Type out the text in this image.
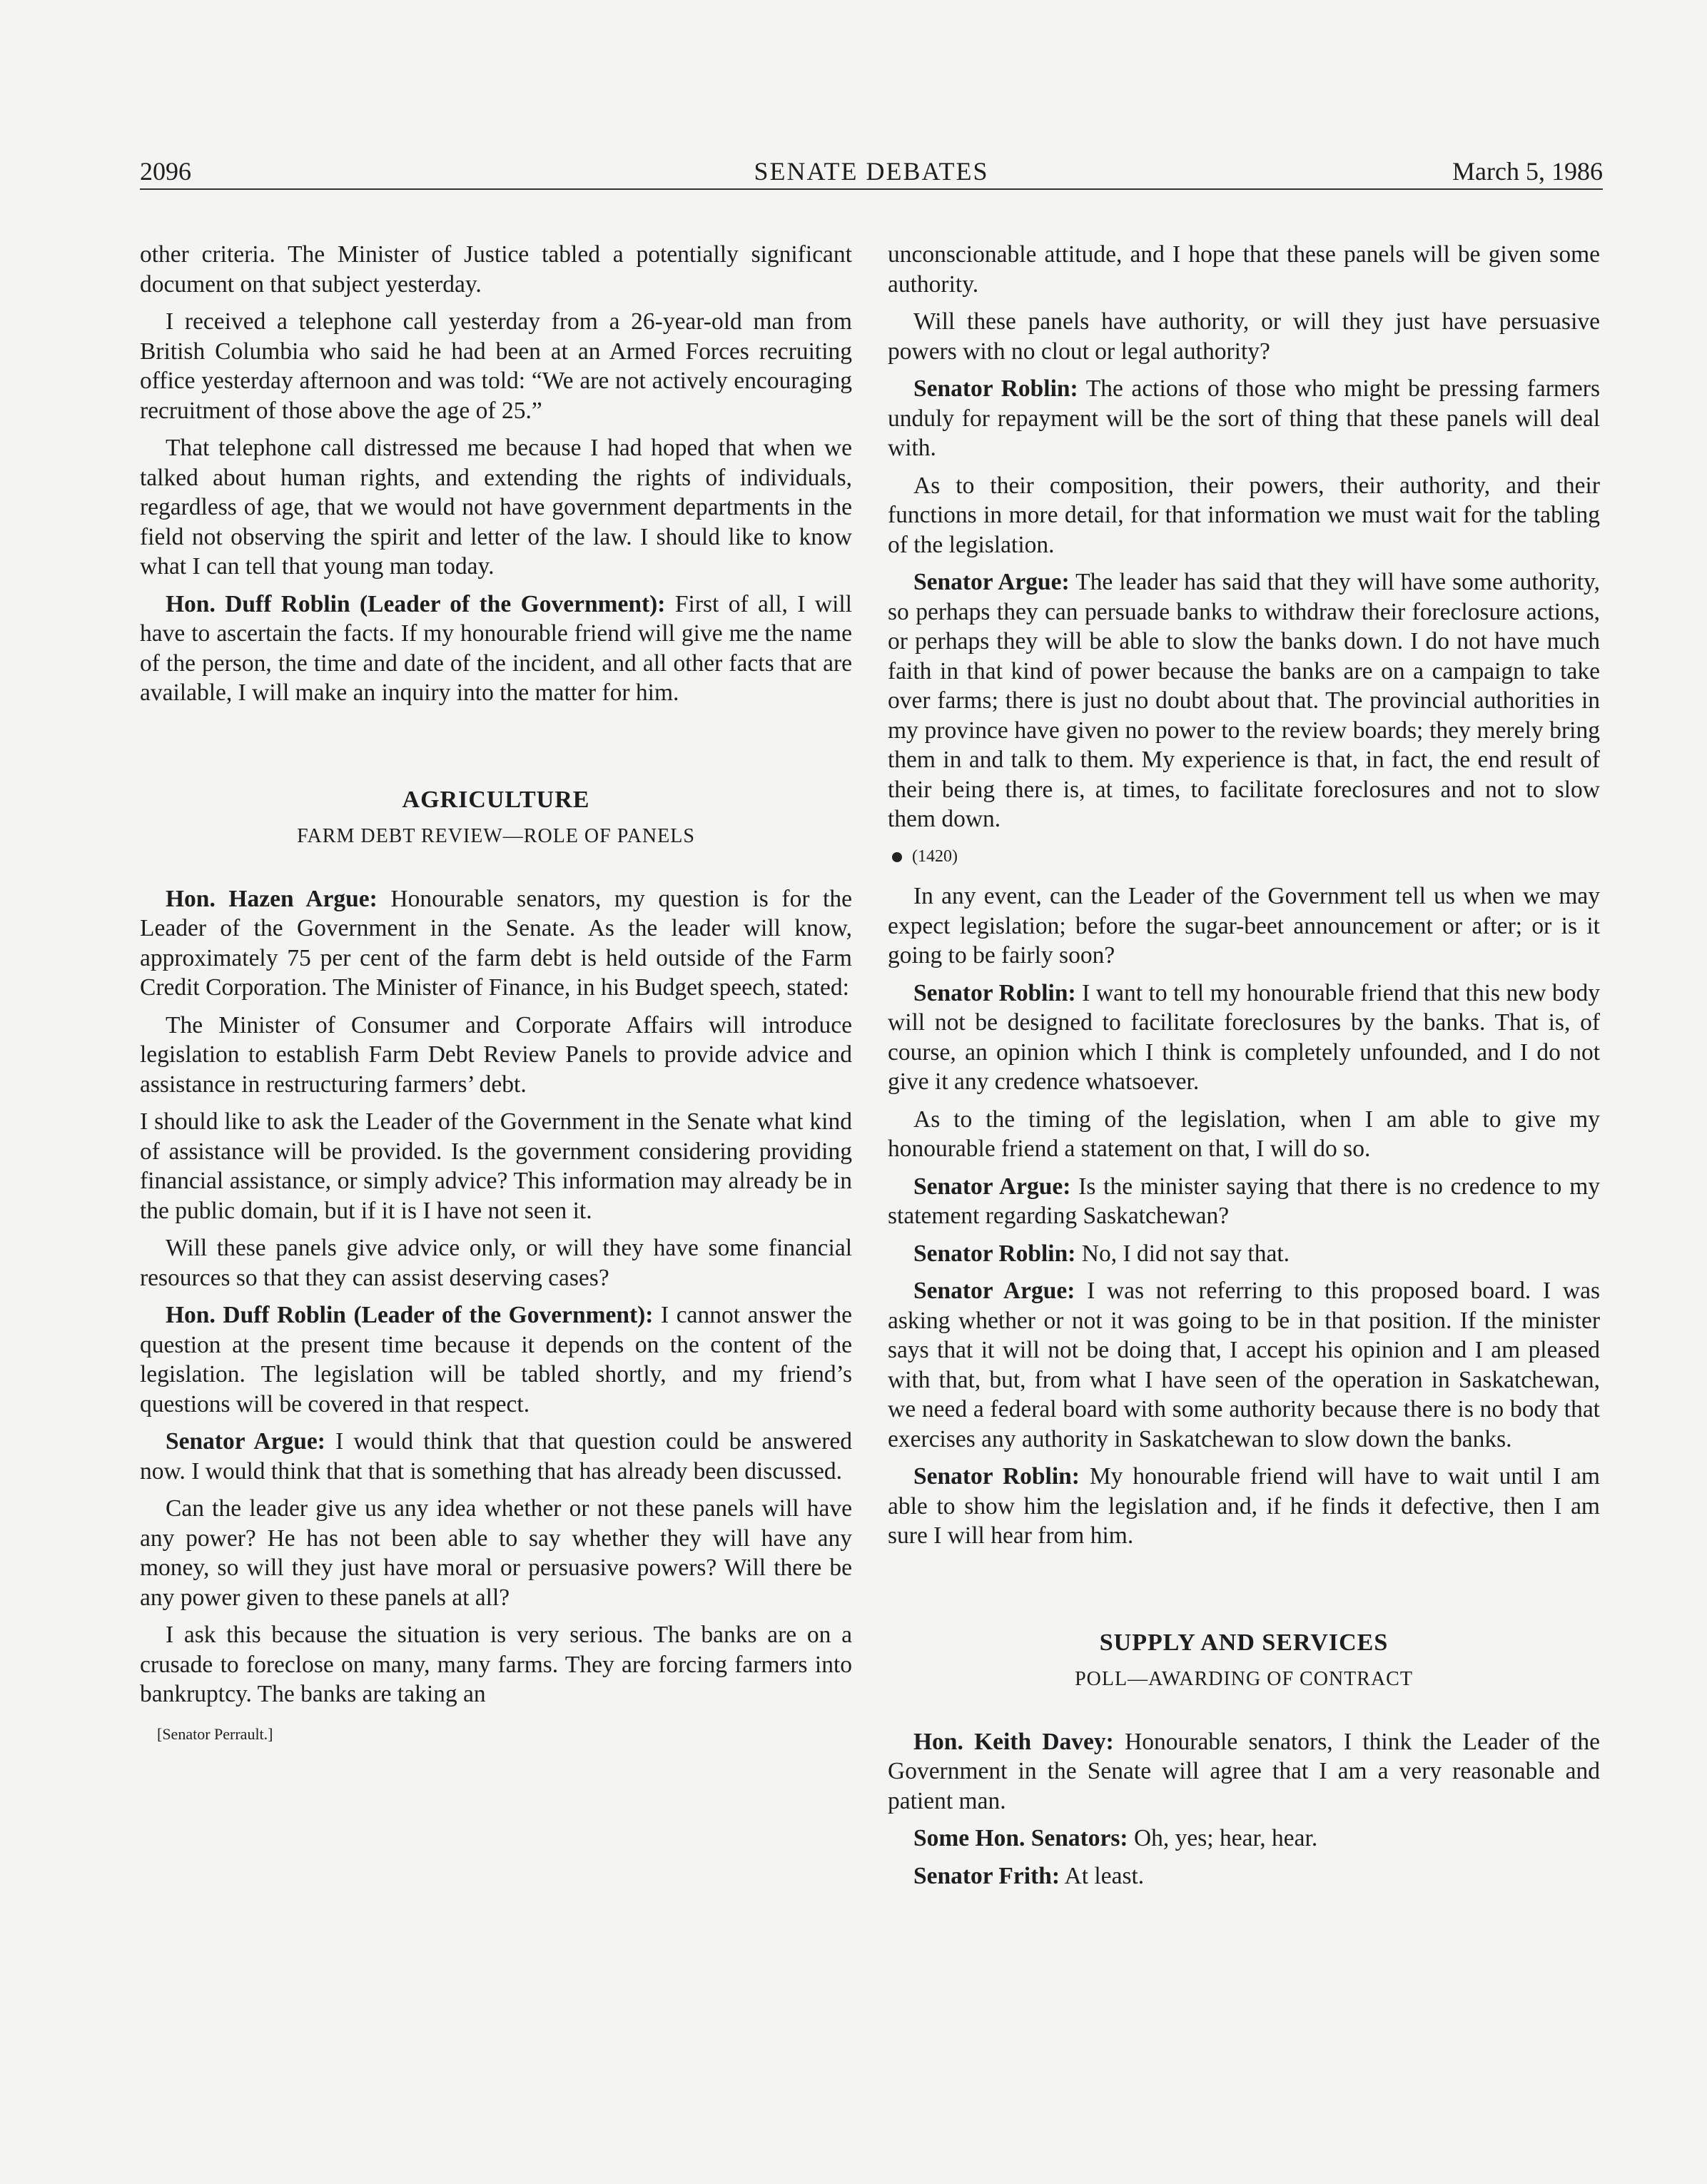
2096	SENATE DEBATES	March 5, 1986

other criteria. The Minister of Justice tabled a potentially significant document on that subject yesterday.

I received a telephone call yesterday from a 26-year-old man from British Columbia who said he had been at an Armed Forces recruiting office yesterday afternoon and was told: “We are not actively encouraging recruitment of those above the age of 25.”

That telephone call distressed me because I had hoped that when we talked about human rights, and extending the rights of individuals, regardless of age, that we would not have government departments in the field not observing the spirit and letter of the law. I should like to know what I can tell that young man today.

Hon. Duff Roblin (Leader of the Government): First of all, I will have to ascertain the facts. If my honourable friend will give me the name of the person, the time and date of the incident, and all other facts that are available, I will make an inquiry into the matter for him.

AGRICULTURE
FARM DEBT REVIEW—ROLE OF PANELS

Hon. Hazen Argue: Honourable senators, my question is for the Leader of the Government in the Senate. As the leader will know, approximately 75 per cent of the farm debt is held outside of the Farm Credit Corporation. The Minister of Finance, in his Budget speech, stated:

The Minister of Consumer and Corporate Affairs will introduce legislation to establish Farm Debt Review Panels to provide advice and assistance in restructuring farmers’ debt.

I should like to ask the Leader of the Government in the Senate what kind of assistance will be provided. Is the government considering providing financial assistance, or simply advice? This information may already be in the public domain, but if it is I have not seen it.

Will these panels give advice only, or will they have some financial resources so that they can assist deserving cases?

Hon. Duff Roblin (Leader of the Government): I cannot answer the question at the present time because it depends on the content of the legislation. The legislation will be tabled shortly, and my friend’s questions will be covered in that respect.

Senator Argue: I would think that that question could be answered now. I would think that that is something that has already been discussed.

Can the leader give us any idea whether or not these panels will have any power? He has not been able to say whether they will have any money, so will they just have moral or persuasive powers? Will there be any power given to these panels at all?

I ask this because the situation is very serious. The banks are on a crusade to foreclose on many, many farms. They are forcing farmers into bankruptcy. The banks are taking an

[Senator Perrault.]

unconscionable attitude, and I hope that these panels will be given some authority.

Will these panels have authority, or will they just have persuasive powers with no clout or legal authority?

Senator Roblin: The actions of those who might be pressing farmers unduly for repayment will be the sort of thing that these panels will deal with.

As to their composition, their powers, their authority, and their functions in more detail, for that information we must wait for the tabling of the legislation.

Senator Argue: The leader has said that they will have some authority, so perhaps they can persuade banks to withdraw their foreclosure actions, or perhaps they will be able to slow the banks down. I do not have much faith in that kind of power because the banks are on a campaign to take over farms; there is just no doubt about that. The provincial authorities in my province have given no power to the review boards; they merely bring them in and talk to them. My experience is that, in fact, the end result of their being there is, at times, to facilitate foreclosures and not to slow them down.

(1420)

In any event, can the Leader of the Government tell us when we may expect legislation; before the sugar-beet announcement or after; or is it going to be fairly soon?

Senator Roblin: I want to tell my honourable friend that this new body will not be designed to facilitate foreclosures by the banks. That is, of course, an opinion which I think is completely unfounded, and I do not give it any credence whatsoever.

As to the timing of the legislation, when I am able to give my honourable friend a statement on that, I will do so.

Senator Argue: Is the minister saying that there is no credence to my statement regarding Saskatchewan?

Senator Roblin: No, I did not say that.

Senator Argue: I was not referring to this proposed board. I was asking whether or not it was going to be in that position. If the minister says that it will not be doing that, I accept his opinion and I am pleased with that, but, from what I have seen of the operation in Saskatchewan, we need a federal board with some authority because there is no body that exercises any authority in Saskatchewan to slow down the banks.

Senator Roblin: My honourable friend will have to wait until I am able to show him the legislation and, if he finds it defective, then I am sure I will hear from him.

SUPPLY AND SERVICES
POLL—AWARDING OF CONTRACT

Hon. Keith Davey: Honourable senators, I think the Leader of the Government in the Senate will agree that I am a very reasonable and patient man.

Some Hon. Senators: Oh, yes; hear, hear.

Senator Frith: At least.
